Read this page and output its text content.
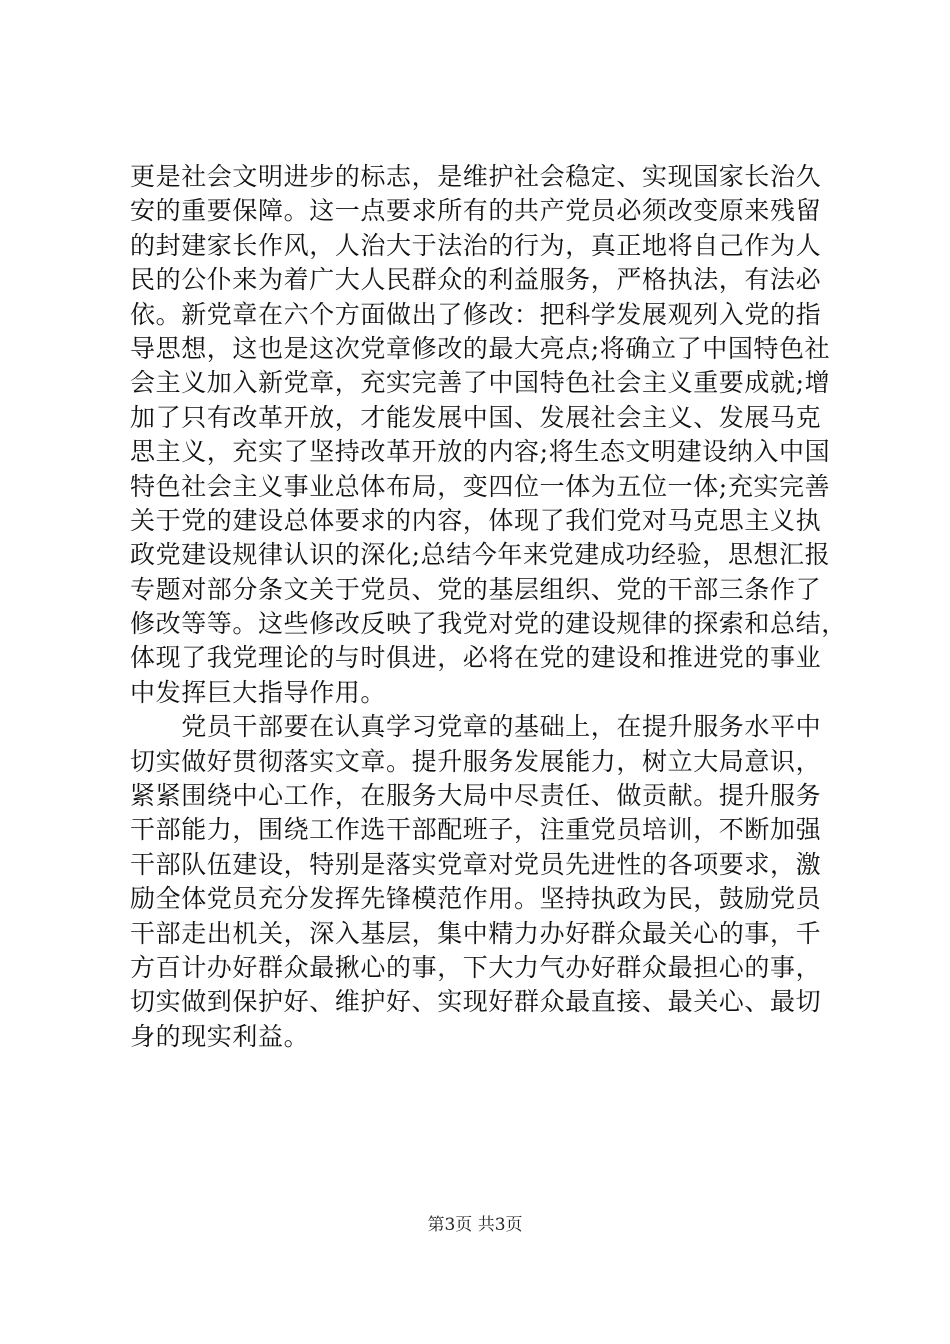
更是社会文明进步的标志，是维护社会稳定、实现国家长治久
安的重要保障。这一点要求所有的共产党员必须改变原来残留
的封建家长作风，人治大于法治的行为，真正地将自己作为人
民的公仆来为着广大人民群众的利益服务，严格执法，有法必
依。新党章在六个方面做出了修改：把科学发展观列入党的指
导思想，这也是这次党章修改的最大亮点;将确立了中国特色社
会主义加入新党章，充实完善了中国特色社会主义重要成就;增
加了只有改革开放，才能发展中国、发展社会主义、发展马克
思主义，充实了坚持改革开放的内容;将生态文明建设纳入中国
特色社会主义事业总体布局，变四位一体为五位一体;充实完善
关于党的建设总体要求的内容，体现了我们党对马克思主义执
政党建设规律认识的深化;总结今年来党建成功经验，思想汇报
专题对部分条文关于党员、党的基层组织、党的干部三条作了
修改等等。这些修改反映了我党对党的建设规律的探索和总结，
体现了我党理论的与时俱进，必将在党的建设和推进党的事业
中发挥巨大指导作用。
　　党员干部要在认真学习党章的基础上，在提升服务水平中
切实做好贯彻落实文章。提升服务发展能力，树立大局意识，
紧紧围绕中心工作，在服务大局中尽责任、做贡献。提升服务
干部能力，围绕工作选干部配班子，注重党员培训，不断加强
干部队伍建设，特别是落实党章对党员先进性的各项要求，激
励全体党员充分发挥先锋模范作用。坚持执政为民，鼓励党员
干部走出机关，深入基层，集中精力办好群众最关心的事，千
方百计办好群众最揪心的事，下大力气办好群众最担心的事，
切实做到保护好、维护好、实现好群众最直接、最关心、最切
身的现实利益。
第3页 共3页
